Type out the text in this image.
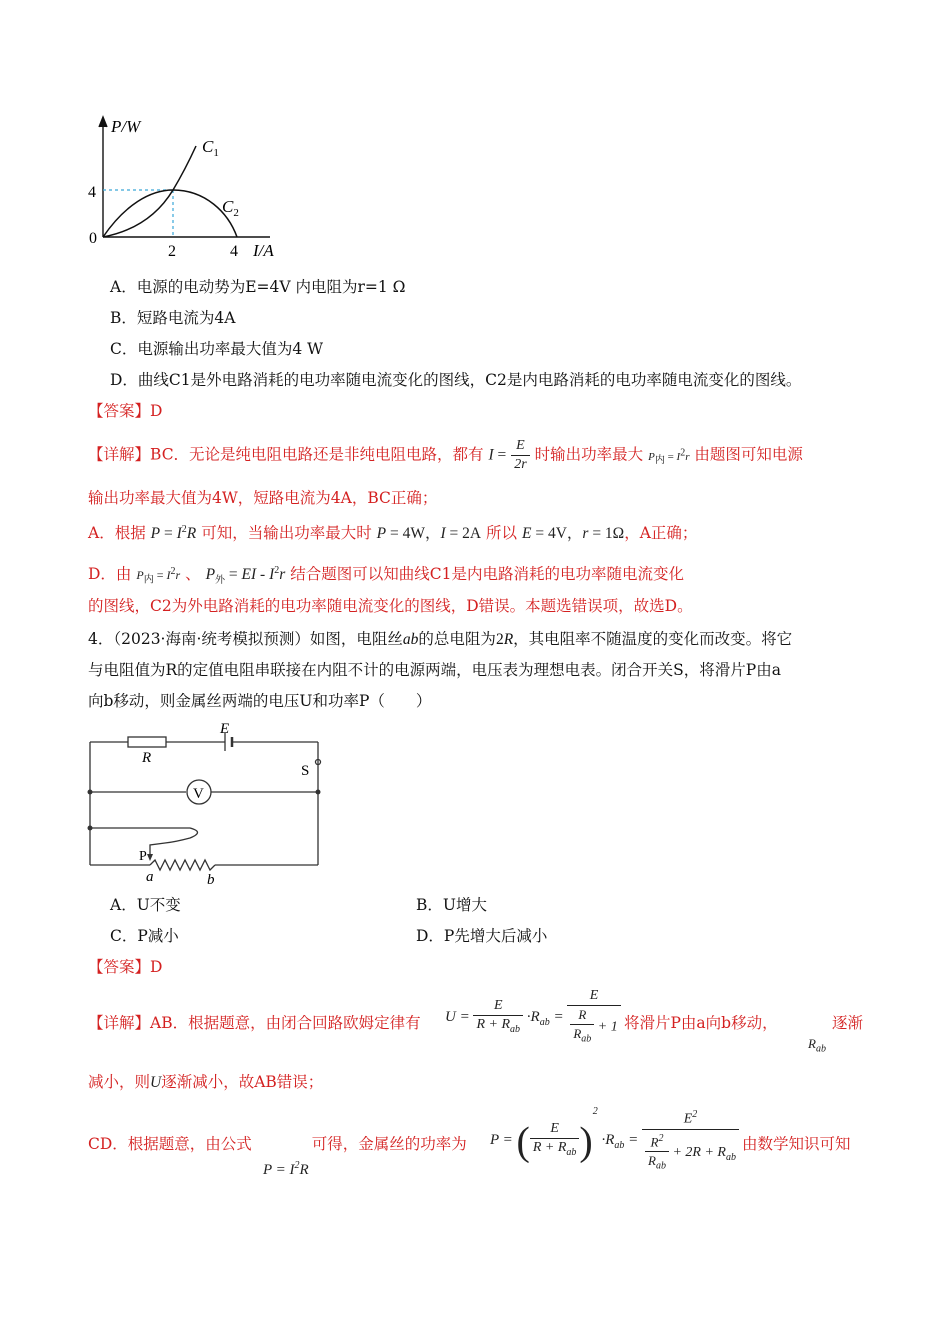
P/W
I/A
0
4
2	4
$C_1$
$C_2$
A．电源的电动势为E=4V 内电阻为r=1 Ω
B．短路电流为4A
C．电源输出功率最大值为4 W
D．曲线C1是外电路消耗的电功率随电流变化的图线，C2是内电路消耗的电功率随电流变化的图线。
【答案】D
【详解】BC．无论是纯电阻电路还是非纯电阻电路，都有 $I = \frac{E}{2r}$ 时输出功率最大 $P_内 = I^2r$ 由题图可知电源
输出功率最大值为4W，短路电流为4A，BC正确；
A．根据 $P = I^2R$ 可知，当输出功率最大时 P = 4W，I = 2A 所以 E = 4V，r = 1Ω，A正确；
D．由 $P_内 = I^2r$ 、 $P_外$ = EI - $I^2r$ 结合题图可以知曲线C1是内电路消耗的电功率随电流变化
的图线，C2为外电路消耗的电功率随电流变化的图线，D错误。本题选错误项，故选D。
4．（2023·海南·统考模拟预测）如图，电阻丝ab的总电阻为2R，其电阻率不随温度的变化而改变。将它
与电阻值为R的定值电阻串联接在内阻不计的电源两端，电压表为理想电表。闭合开关S，将滑片P由a
向b移动，则金属丝两端的电压U和功率P（　　）
R
E
S
V
P
a	b
A．U不变	B．U增大
C．P减小	D．P先增大后减小
【答案】D
【详解】AB．根据题意，由闭合回路欧姆定律有 $U = \frac{E}{R + R_{ab}} \cdot R_{ab} = \frac{E}{\frac{R}{R_{ab}} + 1}$ 将滑片P由a向b移动，
$R_{ab}$
逐渐
减小，则U逐渐减小，故AB错误；
CD．根据题意，由公式	可得，金属丝的功率为
$P = I^2R$
P = ( $\frac{E}{R + R_{ab}} )^2 \cdot R_{ab} = \frac{E^2}{\frac{R^2}{R_{ab}} + 2R + R_{ab}}$ 由数学知识可知
